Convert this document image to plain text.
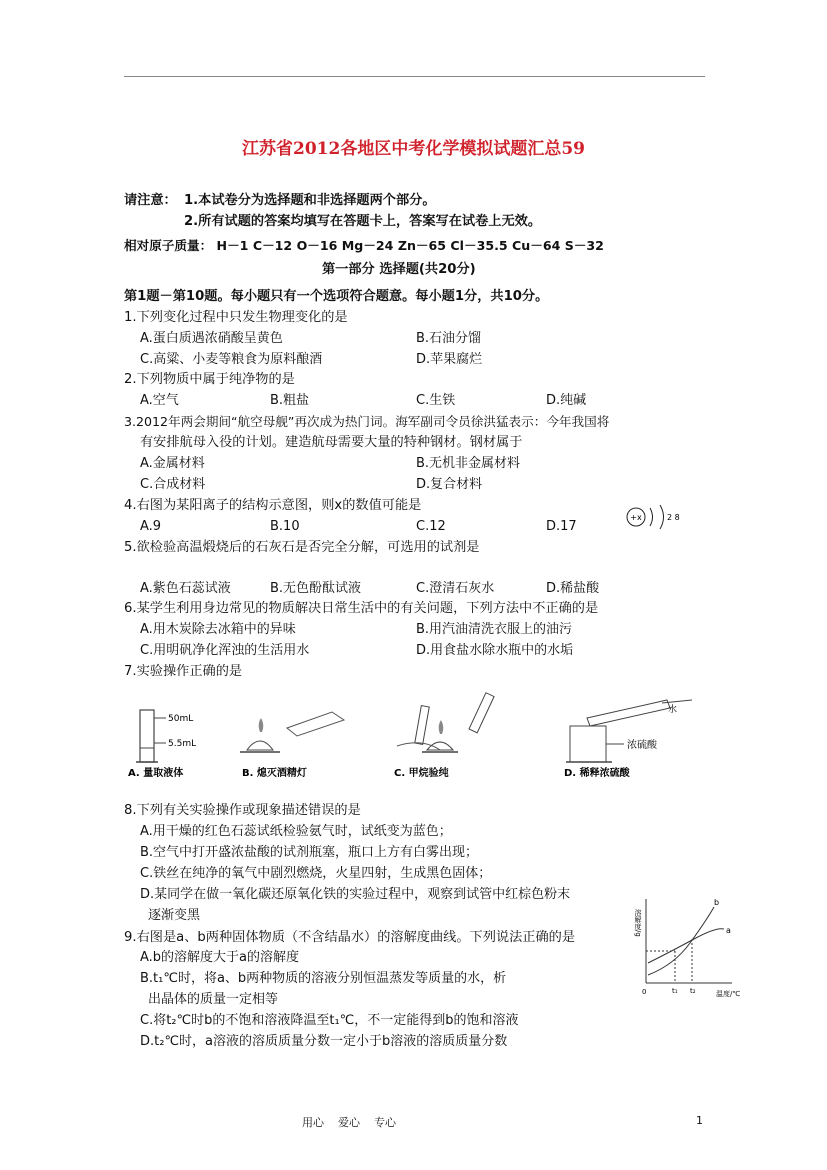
江苏省2012各地区中考化学模拟试题汇总59
请注意： 1.本试卷分为选择题和非选择题两个部分。
2.所有试题的答案均填写在答题卡上，答案写在试卷上无效。
相对原子质量： H－1 C－12 O－16 Mg－24 Zn－65 Cl－35.5 Cu－64 S－32
第一部分 选择题(共20分)
第1题－第10题。每小题只有一个选项符合题意。每小题1分，共10分。
1.下列变化过程中只发生物理变化的是
A.蛋白质遇浓硝酸呈黄色	B.石油分馏
C.高粱、小麦等粮食为原料酿酒	D.苹果腐烂
2.下列物质中属于纯净物的是
A.空气	B.粗盐	C.生铁	D.纯碱
3.2012年两会期间“航空母舰”再次成为热门词。海军副司令员徐洪猛表示：今年我国将
有安排航母入役的计划。建造航母需要大量的特种钢材。钢材属于
A.金属材料	B.无机非金属材料
C.合成材料	D.复合材料
4.右图为某阳离子的结构示意图，则x的数值可能是
A.9	B.10	C.12	D.17
+x	2 8
5.欲检验高温煅烧后的石灰石是否完全分解，可选用的试剂是
A.紫色石蕊试液	B.无色酚酞试液	C.澄清石灰水	D.稀盐酸
6.某学生利用身边常见的物质解决日常生活中的有关问题，下列方法中不正确的是
A.用木炭除去冰箱中的异味	B.用汽油清洗衣服上的油污
C.用明矾净化浑浊的生活用水	D.用食盐水除水瓶中的水垢
7.实验操作正确的是
50mL
5.5mL
水
浓硫酸
A. 量取液体	B. 熄灭酒精灯	C. 甲烷验纯	D. 稀释浓硫酸
8.下列有关实验操作或现象描述错误的是
A.用干燥的红色石蕊试纸检验氨气时，试纸变为蓝色；
B.空气中打开盛浓盐酸的试剂瓶塞，瓶口上方有白雾出现；
C.铁丝在纯净的氧气中剧烈燃烧，火星四射，生成黑色固体；
D.某同学在做一氧化碳还原氧化铁的实验过程中，观察到试管中红棕色粉末
逐渐变黑
9.右图是a、b两种固体物质（不含结晶水）的溶解度曲线。下列说法正确的是
A.b的溶解度大于a的溶解度
B.t₁℃时，将a、b两种物质的溶液分别恒温蒸发等质量的水，析
出晶体的质量一定相等
C.将t₂℃时b的不饱和溶液降温至t₁℃，不一定能得到b的饱和溶液
D.t₂℃时，a溶液的溶质质量分数一定小于b溶液的溶质质量分数
溶解度/g
温度/℃
0	t₁ t₂
a
b
用心    爱心    专心	1
